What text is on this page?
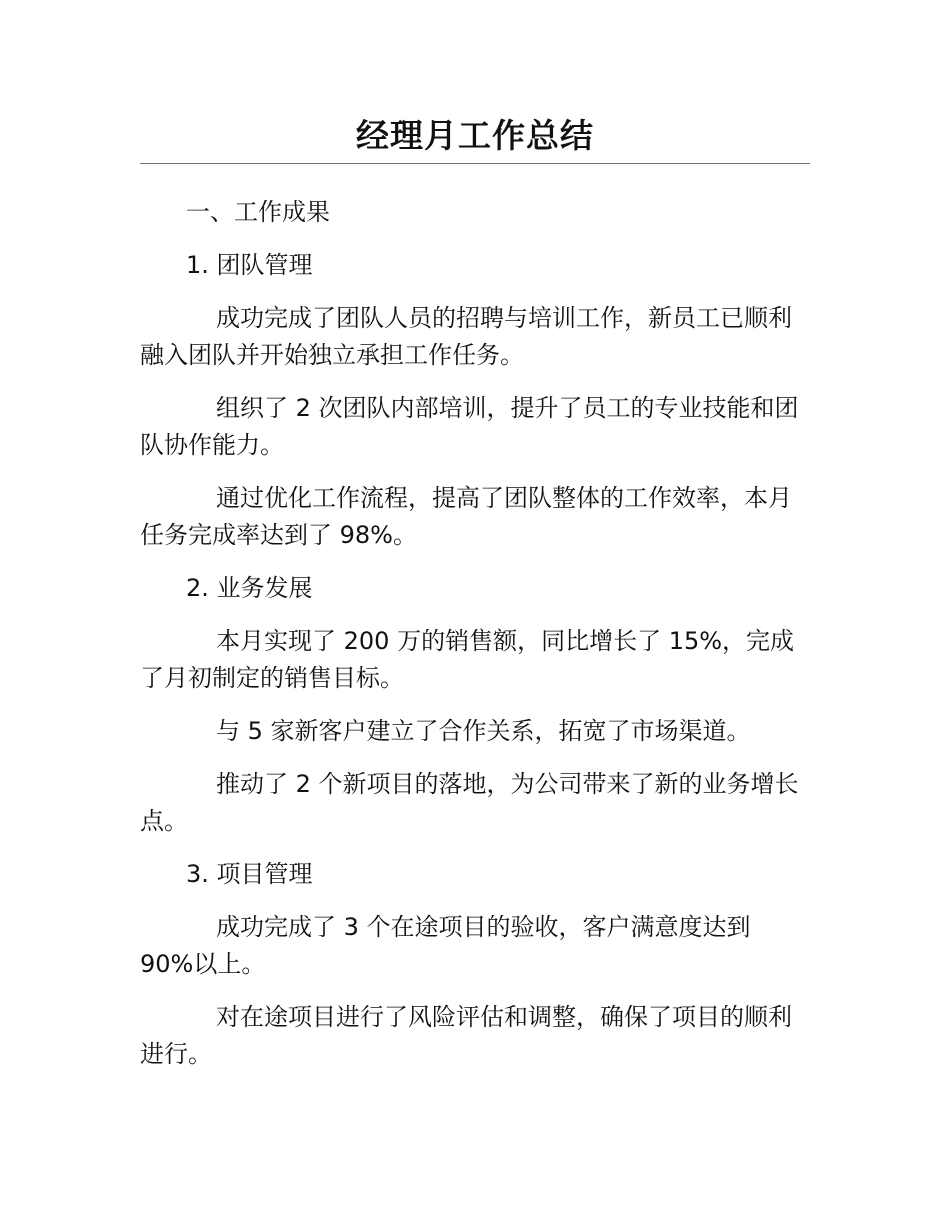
经理月工作总结

一、工作成果

1. 团队管理

成功完成了团队人员的招聘与培训工作，新员工已顺利融入团队并开始独立承担工作任务。

组织了 2 次团队内部培训，提升了员工的专业技能和团队协作能力。

通过优化工作流程，提高了团队整体的工作效率，本月任务完成率达到了 98%。

2. 业务发展

本月实现了 200 万的销售额，同比增长了 15%，完成了月初制定的销售目标。

与 5 家新客户建立了合作关系，拓宽了市场渠道。

推动了 2 个新项目的落地，为公司带来了新的业务增长点。

3. 项目管理

成功完成了 3 个在途项目的验收，客户满意度达到 90%以上。

对在途项目进行了风险评估和调整，确保了项目的顺利进行。
